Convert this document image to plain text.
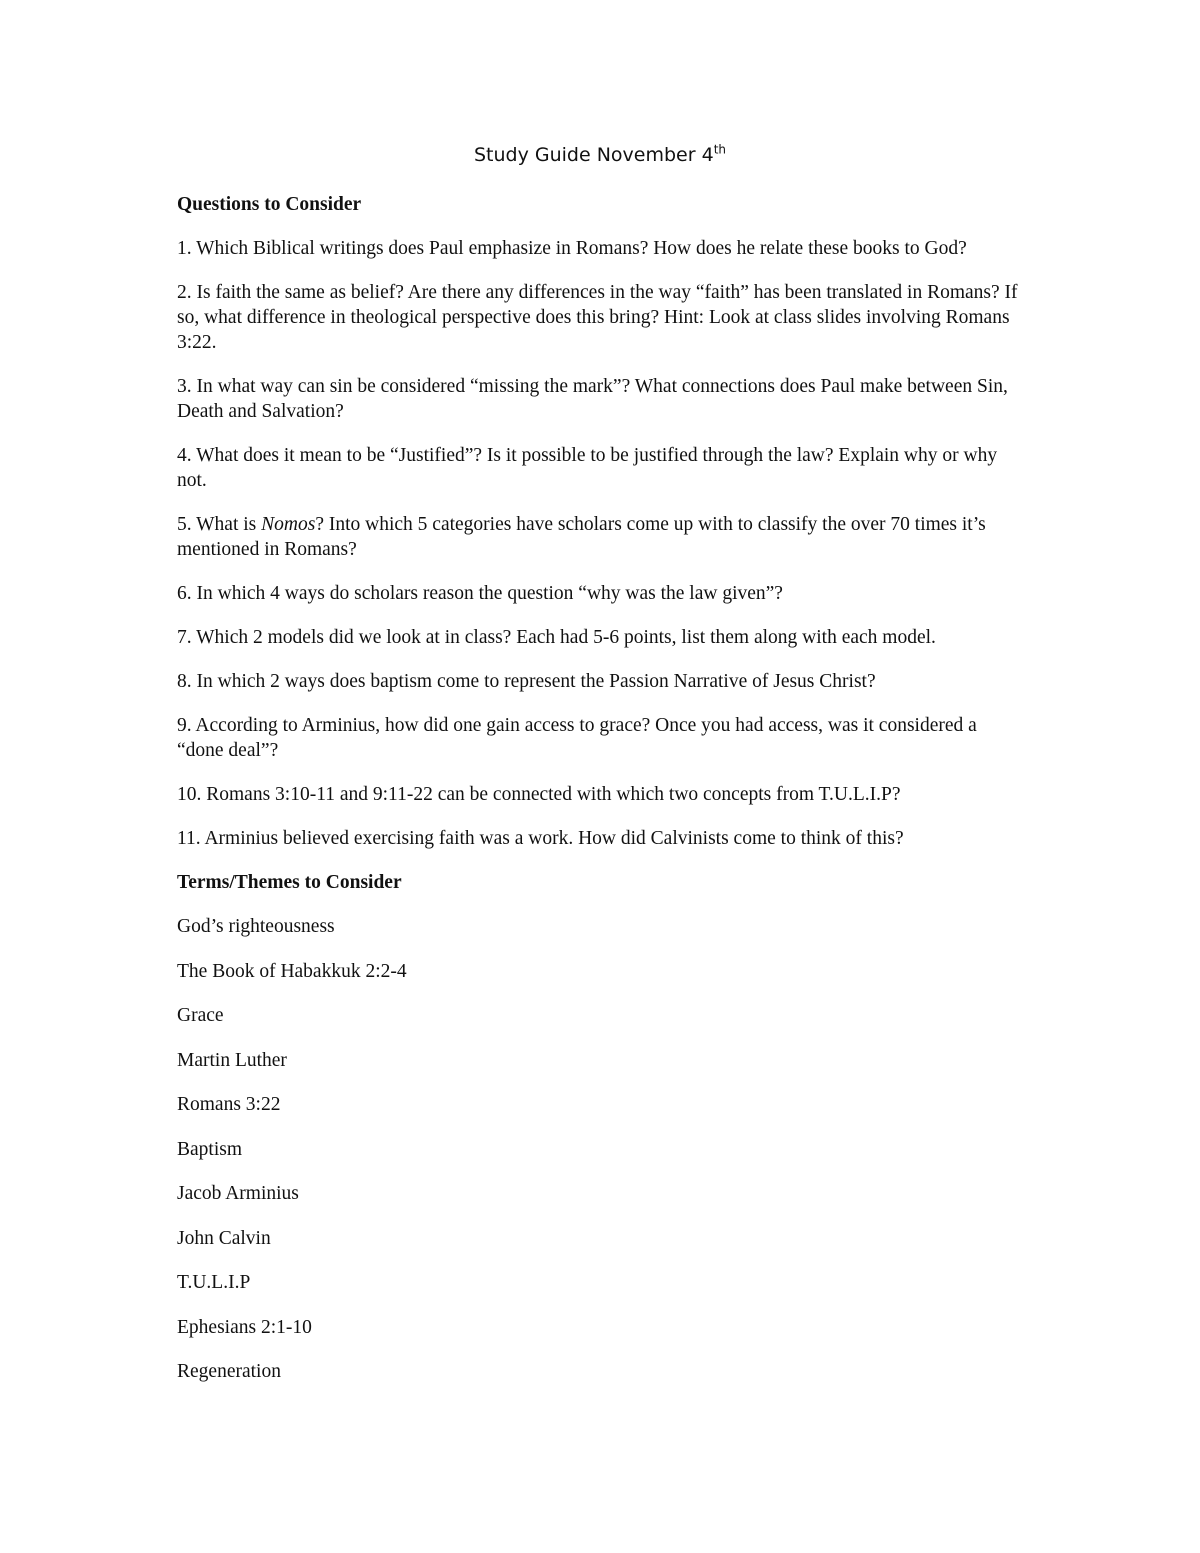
Study Guide November 4th

Questions to Consider

1. Which Biblical writings does Paul emphasize in Romans? How does he relate these books to God?

2. Is faith the same as belief? Are there any differences in the way “faith” has been translated in Romans? If so, what difference in theological perspective does this bring? Hint: Look at class slides involving Romans 3:22.

3. In what way can sin be considered “missing the mark”? What connections does Paul make between Sin, Death and Salvation?

4. What does it mean to be “Justified”? Is it possible to be justified through the law? Explain why or why not.

5. What is Nomos? Into which 5 categories have scholars come up with to classify the over 70 times it’s mentioned in Romans?

6. In which 4 ways do scholars reason the question “why was the law given”?

7. Which 2 models did we look at in class? Each had 5-6 points, list them along with each model.

8. In which 2 ways does baptism come to represent the Passion Narrative of Jesus Christ?

9. According to Arminius, how did one gain access to grace? Once you had access, was it considered a “done deal”?

10. Romans 3:10-11 and 9:11-22 can be connected with which two concepts from T.U.L.I.P?

11. Arminius believed exercising faith was a work. How did Calvinists come to think of this?

Terms/Themes to Consider

God’s righteousness

The Book of Habakkuk 2:2-4

Grace

Martin Luther

Romans 3:22

Baptism

Jacob Arminius

John Calvin

T.U.L.I.P

Ephesians 2:1-10

Regeneration
